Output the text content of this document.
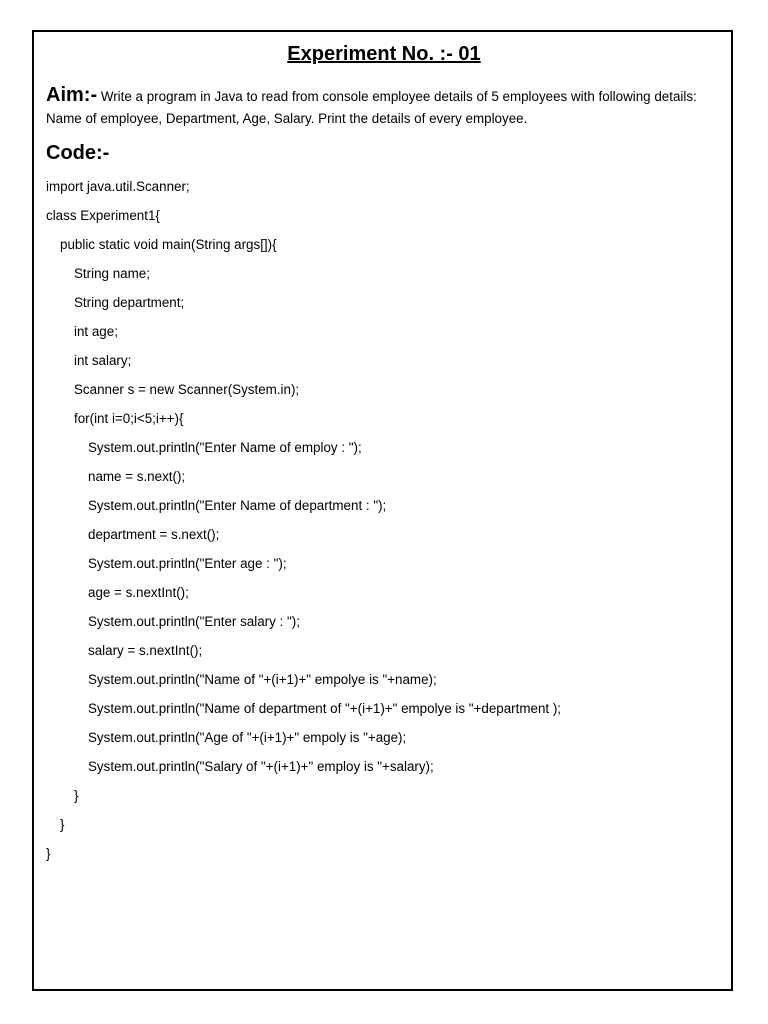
Experiment No. :- 01

Aim:- Write a program in Java to read from console employee details of 5 employees with following details: Name of employee, Department, Age, Salary. Print the details of every employee.

Code:-
import java.util.Scanner;
class Experiment1{
public static void main(String args[]){
String name;
String department;
int age;
int salary;
Scanner s = new Scanner(System.in);
for(int i=0;i<5;i++){
System.out.println("Enter Name of employ : ");
name = s.next();
System.out.println("Enter Name of department : ");
department = s.next();
System.out.println("Enter age : ");
age = s.nextInt();
System.out.println("Enter salary : ");
salary = s.nextInt();
System.out.println("Name of "+(i+1)+" empolye is "+name);
System.out.println("Name of department of "+(i+1)+" empolye is "+department );
System.out.println("Age of "+(i+1)+" empoly is "+age);
System.out.println("Salary of "+(i+1)+" employ is "+salary);
}
}
}
